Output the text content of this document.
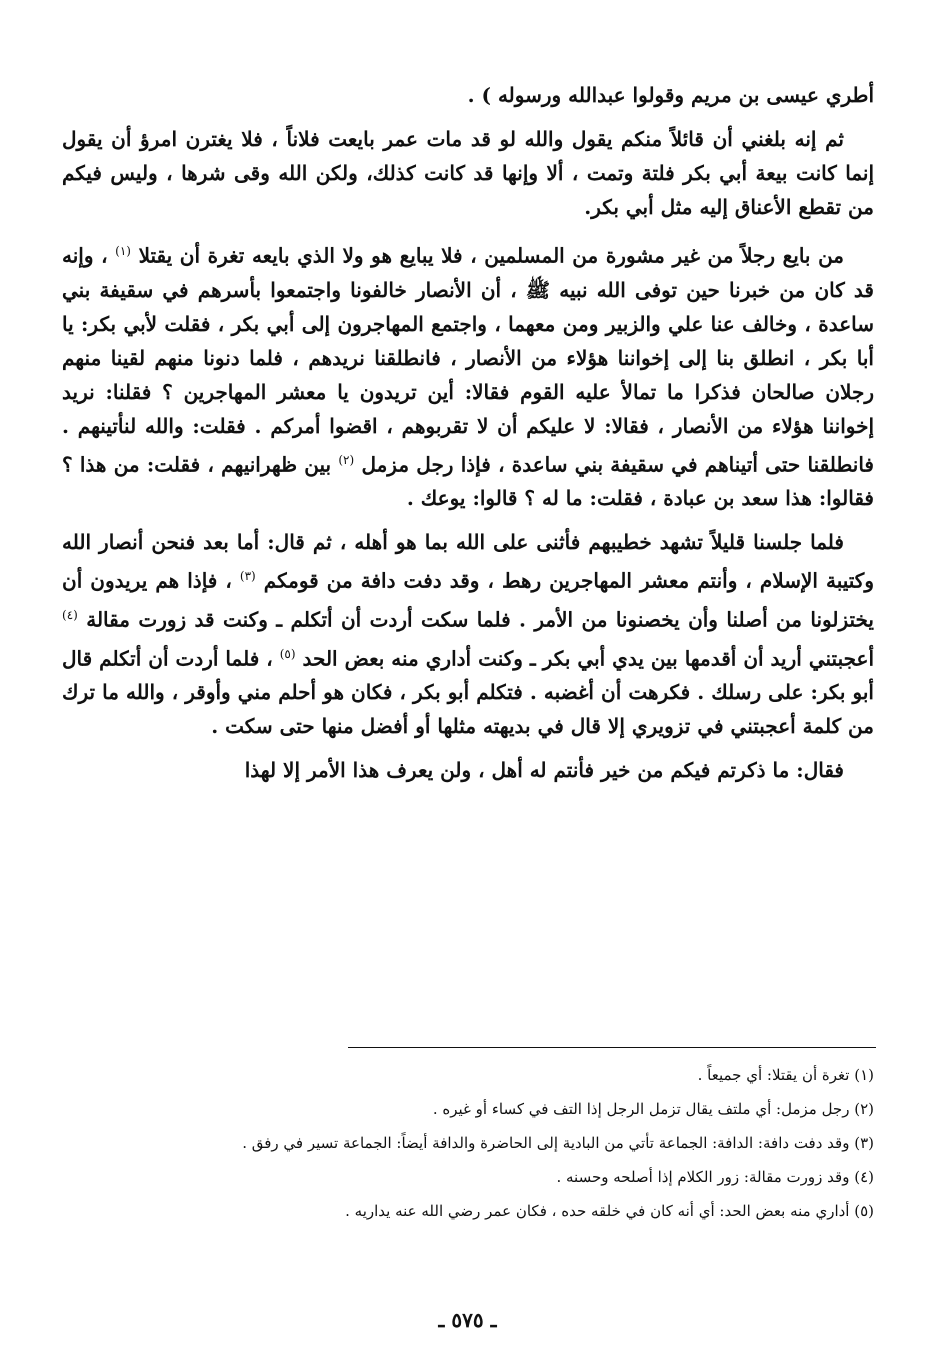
أطري عيسى بن مريم وقولوا عبدالله ورسوله ) .

ثم إنه بلغني أن قائلاً منكم يقول والله لو قد مات عمر بايعت فلاناً ، فلا يغترن امرؤ أن يقول إنما كانت بيعة أبي بكر فلتة وتمت ، ألا وإنها قد كانت كذلك، ولكن الله وقى شرها ، وليس فيكم من تقطع الأعناق إليه مثل أبي بكر.

من بايع رجلاً من غير مشورة من المسلمين ، فلا يبايع هو ولا الذي بايعه تغرة أن يقتلا $^{(١)}$ ، وإنه قد كان من خبرنا حين توفى الله نبيه ﷺ ، أن الأنصار خالفونا واجتمعوا بأسرهم في سقيفة بني ساعدة ، وخالف عنا علي والزبير ومن معهما ، واجتمع المهاجرون إلى أبي بكر ، فقلت لأبي بكر: يا أبا بكر ، انطلق بنا إلى إخواننا هؤلاء من الأنصار ، فانطلقنا نريدهم ، فلما دنونا منهم لقينا منهم رجلان صالحان فذكرا ما تمالأ عليه القوم فقالا: أين تريدون يا معشر المهاجرين ؟ فقلنا: نريد إخواننا هؤلاء من الأنصار ، فقالا: لا عليكم أن لا تقربوهم ، اقضوا أمركم . فقلت: والله لنأتينهم . فانطلقنا حتى أتيناهم في سقيفة بني ساعدة ، فإذا رجل مزمل $^{(٢)}$ بين ظهرانيهم ، فقلت: من هذا ؟ فقالوا: هذا سعد بن عبادة ، فقلت: ما له ؟ قالوا: يوعك .

فلما جلسنا قليلاً تشهد خطيبهم فأثنى على الله بما هو أهله ، ثم قال: أما بعد فنحن أنصار الله وكتيبة الإسلام ، وأنتم معشر المهاجرين رهط ، وقد دفت دافة من قومكم $^{(٣)}$ ، فإذا هم يريدون أن يختزلونا من أصلنا وأن يخصنونا من الأمر . فلما سكت أردت أن أتكلم ـ وكنت قد زورت مقالة $^{(٤)}$ أعجبتني أريد أن أقدمها بين يدي أبي بكر ـ وكنت أداري منه بعض الحد $^{(٥)}$ ، فلما أردت أن أتكلم قال أبو بكر: على رسلك . فكرهت أن أغضبه . فتكلم أبو بكر ، فكان هو أحلم مني وأوقر ، والله ما ترك من كلمة أعجبتني في تزويري إلا قال في بديهته مثلها أو أفضل منها حتى سكت .

فقال: ما ذكرتم فيكم من خير فأنتم له أهل ، ولن يعرف هذا الأمر إلا لهذا

(١) تغرة أن يقتلا: أي جميعاً .

(٢) رجل مزمل: أي ملتف يقال تزمل الرجل إذا التف في كساء أو غيره .

(٣) وقد دفت دافة: الدافة: الجماعة تأتي من البادية إلى الحاضرة والدافة أيضاً: الجماعة تسير في رفق .

(٤) وقد زورت مقالة: زور الكلام إذا أصلحه وحسنه .

(٥) أداري منه بعض الحد: أي أنه كان في خلقه حده ، فكان عمر رضي الله عنه يداريه .

ـ ٥٧٥ ـ
